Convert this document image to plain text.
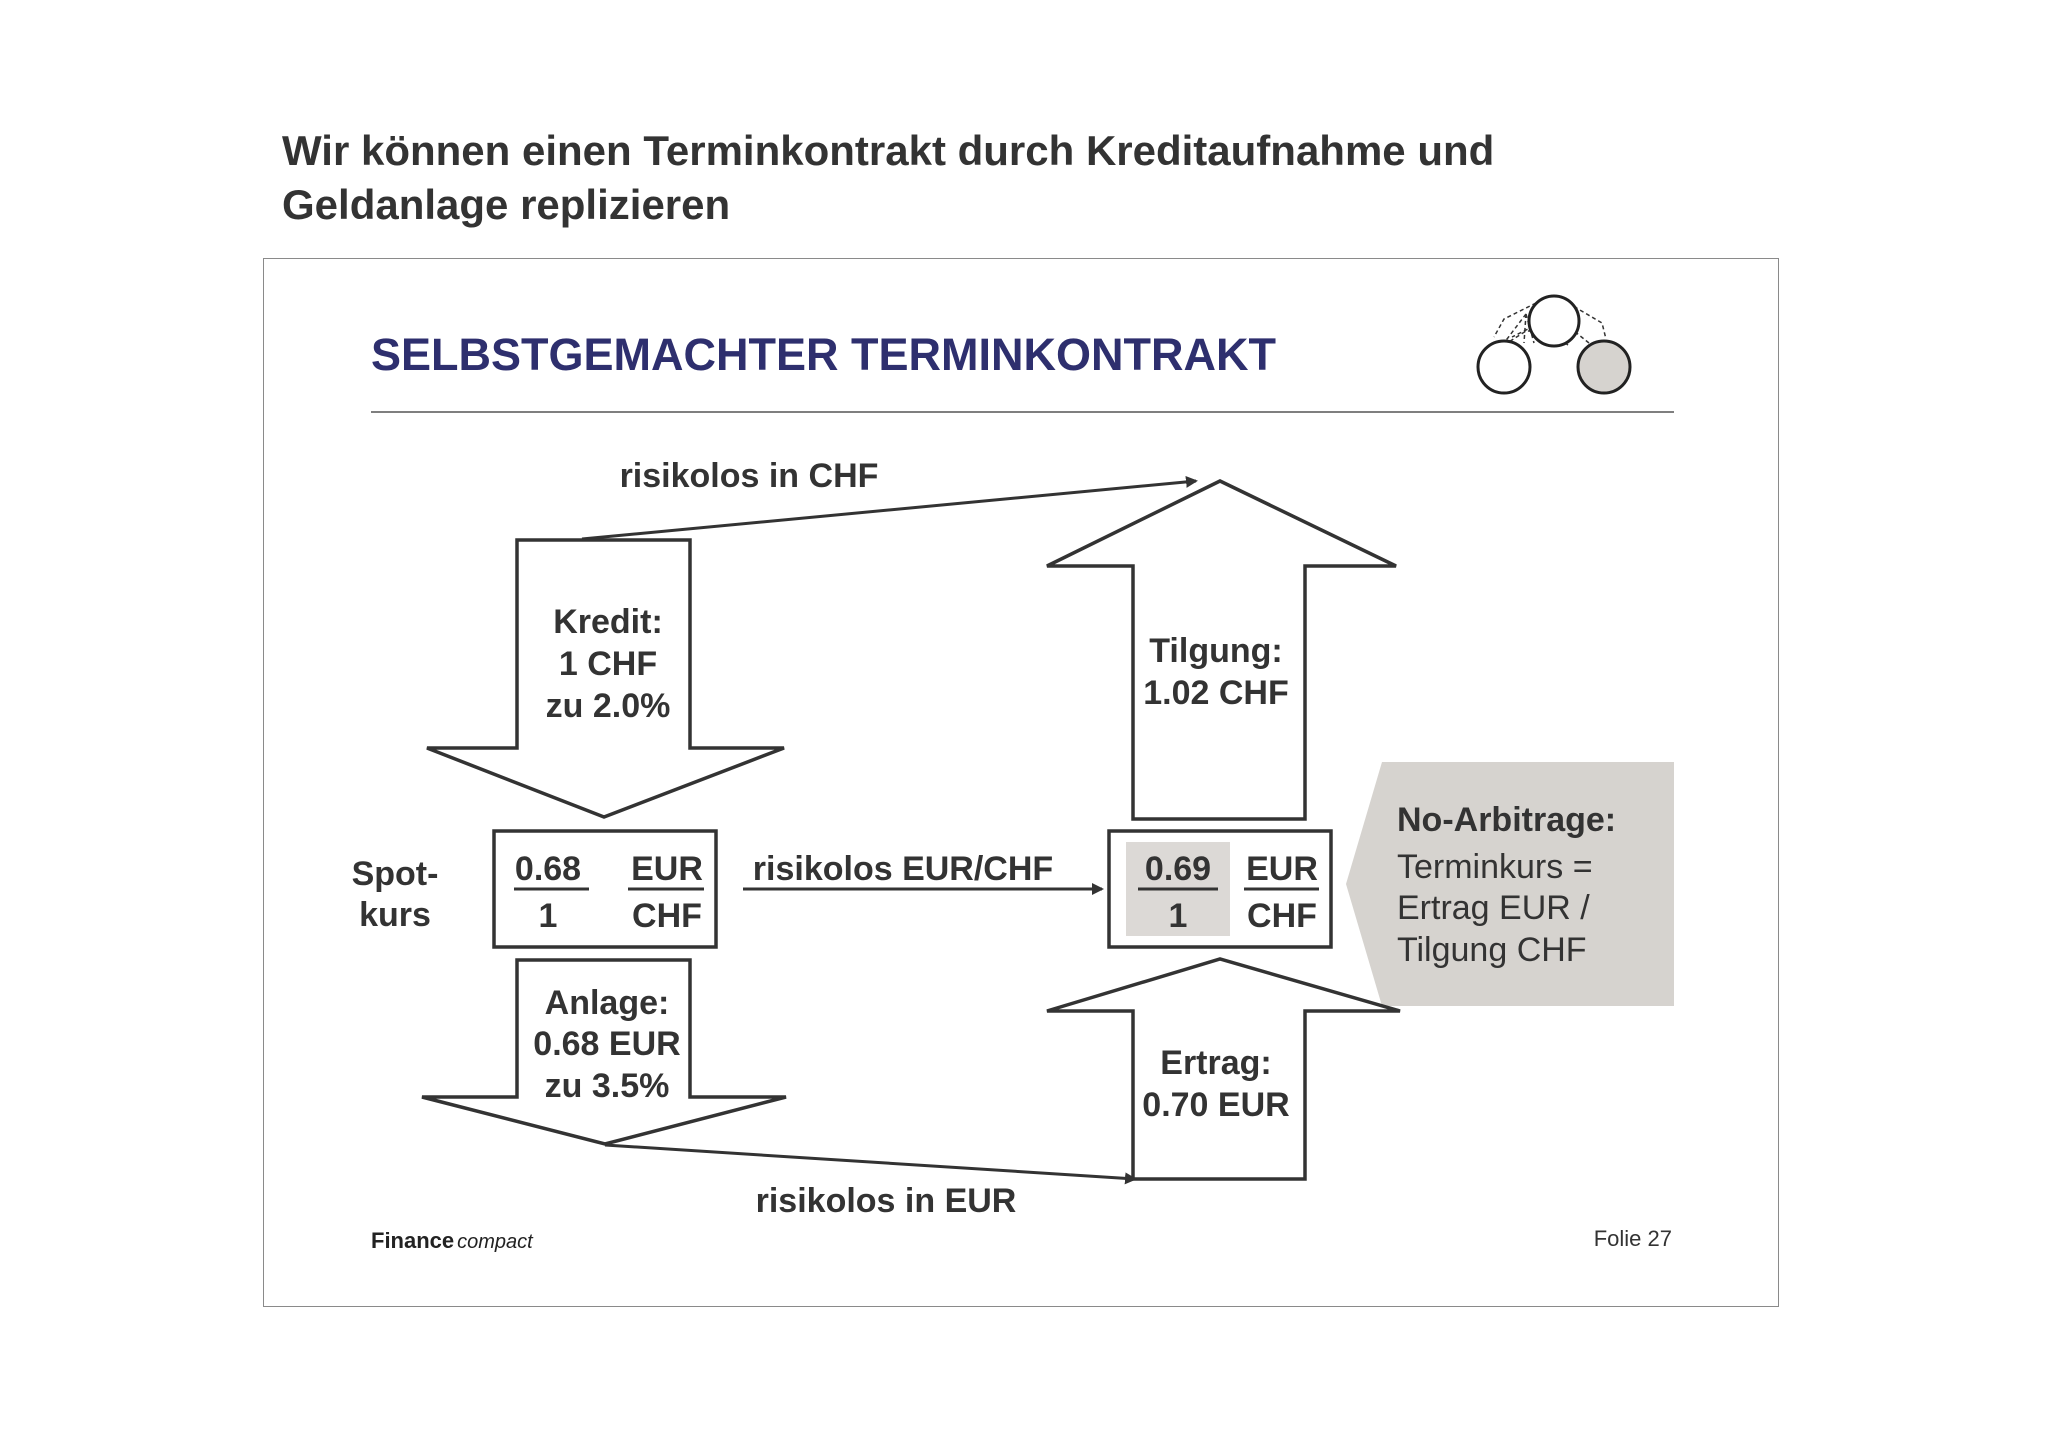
Wir können einen Terminkontrakt durch Kreditaufnahme und
Geldanlage replizieren
SELBSTGEMACHTER TERMINKONTRAKT
risikolos in CHF
Kredit:
1 CHF
zu 2.0%
Tilgung:
1.02 CHF
Spot-
kurs
0.68
1
EUR
CHF
risikolos EUR/CHF	0.69
1
EUR
CHF
No-Arbitrage:
Terminkurs =
Ertrag EUR /
Tilgung CHF
Anlage:
0.68 EUR
zu 3.5%
Ertrag:
0.70 EUR
risikolos in EUR
Finance compact	Folie 27
